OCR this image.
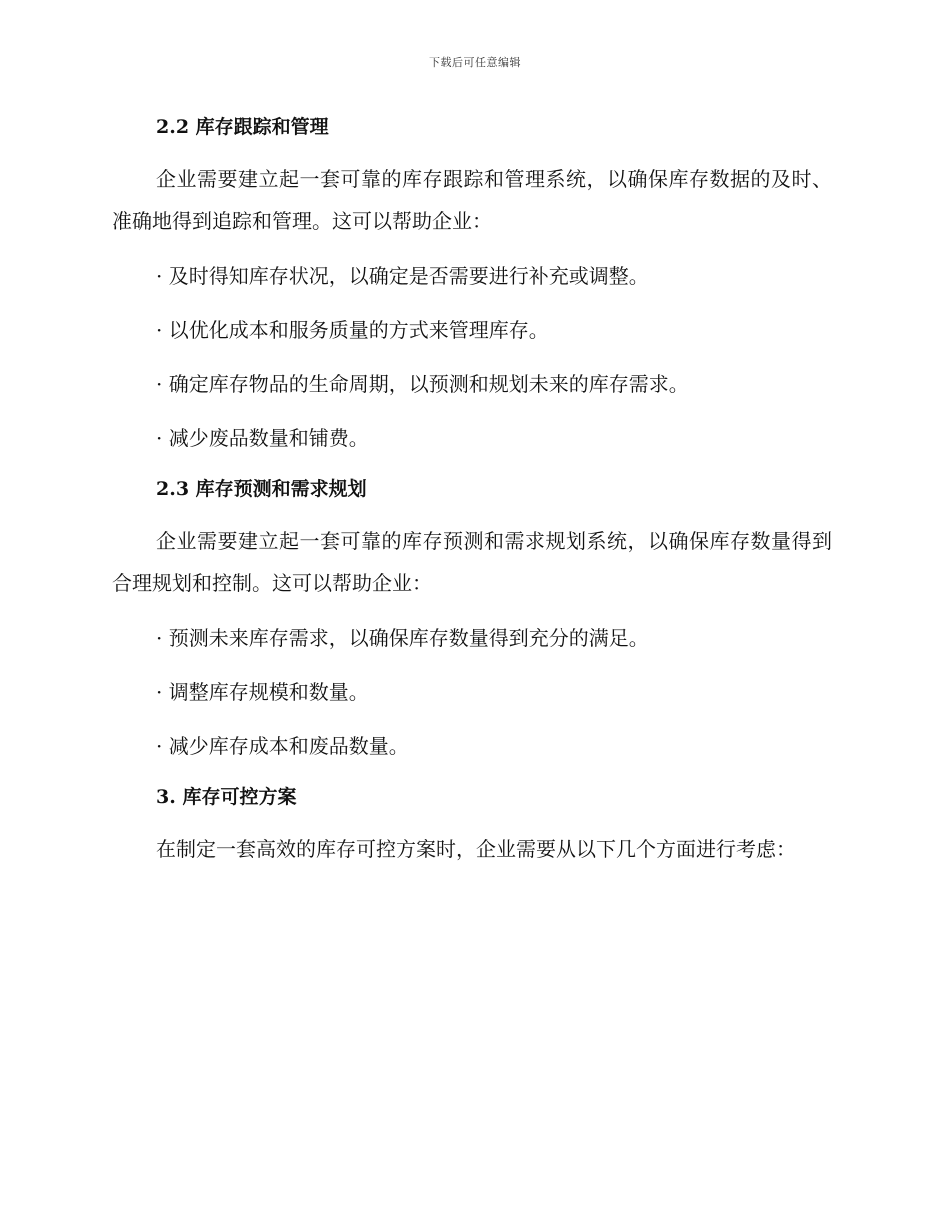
下载后可任意编辑
2.2 库存跟踪和管理

企业需要建立起一套可靠的库存跟踪和管理系统，以确保库存数据的及时、准确地得到追踪和管理。这可以帮助企业：

· 及时得知库存状况，以确定是否需要进行补充或调整。

· 以优化成本和服务质量的方式来管理库存。

· 确定库存物品的生命周期，以预测和规划未来的库存需求。

· 减少废品数量和铺费。

2.3 库存预测和需求规划

企业需要建立起一套可靠的库存预测和需求规划系统，以确保库存数量得到合理规划和控制。这可以帮助企业：

· 预测未来库存需求，以确保库存数量得到充分的满足。

· 调整库存规模和数量。

· 减少库存成本和废品数量。

3. 库存可控方案

在制定一套高效的库存可控方案时，企业需要从以下几个方面进行考虑：
